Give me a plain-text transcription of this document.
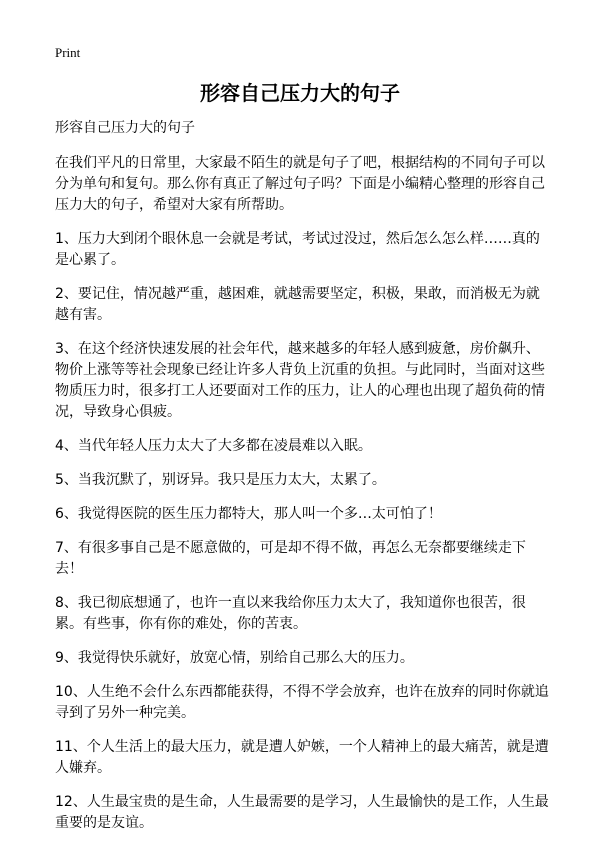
Print
形容自己压力大的句子

形容自己压力大的句子

在我们平凡的日常里，大家最不陌生的就是句子了吧，根据结构的不同句子可以分为单句和复句。那么你有真正了解过句子吗？下面是小编精心整理的形容自己压力大的句子，希望对大家有所帮助。

1、压力大到闭个眼休息一会就是考试，考试过没过，然后怎么怎么样……真的是心累了。

2、要记住，情况越严重，越困难，就越需要坚定，积极，果敢，而消极无为就越有害。

3、在这个经济快速发展的社会年代，越来越多的年轻人感到疲惫，房价飙升、物价上涨等等社会现象已经让许多人背负上沉重的负担。与此同时，当面对这些物质压力时，很多打工人还要面对工作的压力，让人的心理也出现了超负荷的情况，导致身心俱疲。

4、当代年轻人压力太大了大多都在凌晨难以入眠。

5、当我沉默了，别讶异。我只是压力太大，太累了。

6、我觉得医院的医生压力都特大，那人叫一个多…太可怕了！

7、有很多事自己是不愿意做的，可是却不得不做，再怎么无奈都要继续走下去！

8、我已彻底想通了，也许一直以来我给你压力太大了，我知道你也很苦，很累。有些事，你有你的难处，你的苦衷。

9、我觉得快乐就好，放宽心情，别给自己那么大的压力。

10、人生绝不会什么东西都能获得，不得不学会放弃，也许在放弃的同时你就追寻到了另外一种完美。

11、个人生活上的最大压力，就是遭人妒嫉，一个人精神上的最大痛苦，就是遭人嫌弃。

12、人生最宝贵的是生命，人生最需要的是学习，人生最愉快的是工作，人生最重要的是友谊。
